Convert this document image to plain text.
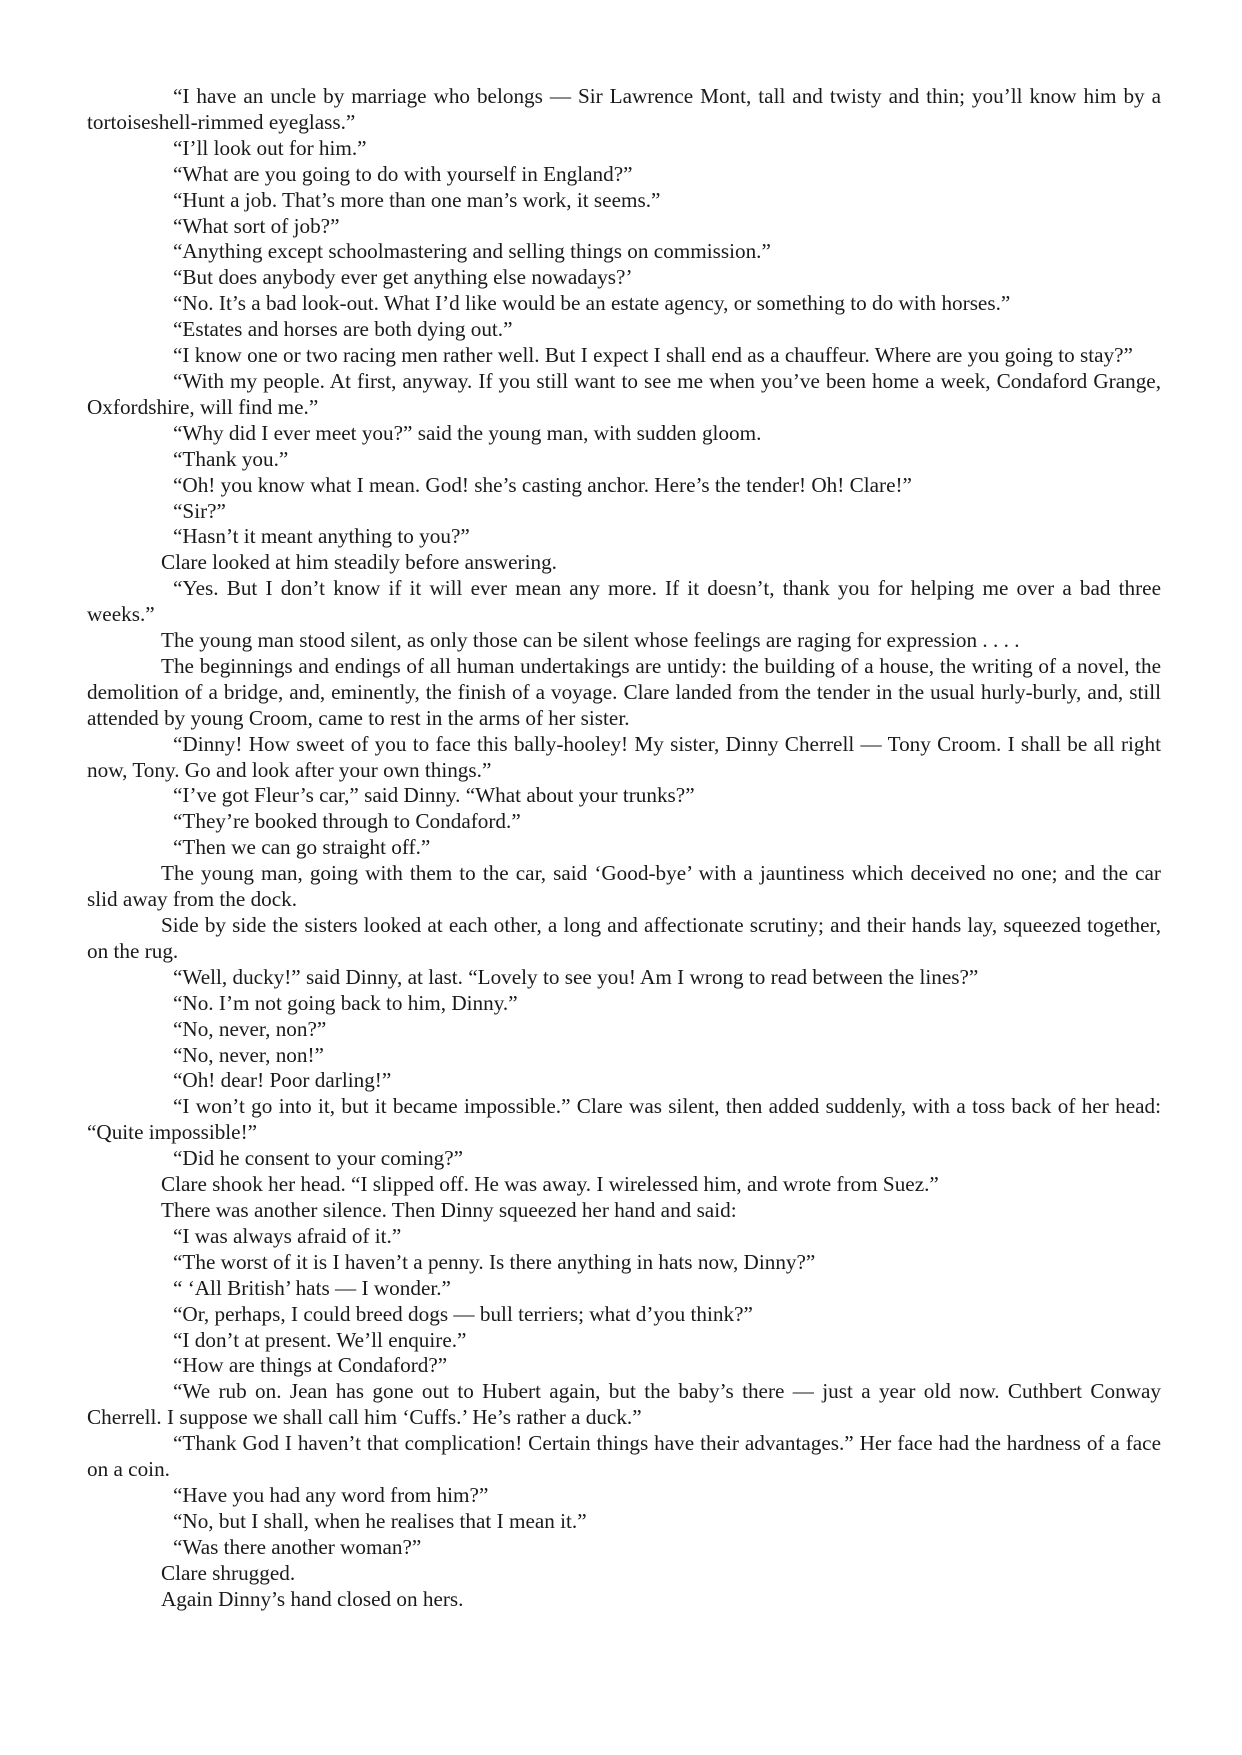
“I have an uncle by marriage who belongs — Sir Lawrence Mont, tall and twisty and thin; you’ll know him by a tortoiseshell-rimmed eyeglass.”

“I’ll look out for him.”

“What are you going to do with yourself in England?”

“Hunt a job. That’s more than one man’s work, it seems.”

“What sort of job?”

“Anything except schoolmastering and selling things on commission.”

“But does anybody ever get anything else nowadays?’

“No. It’s a bad look-out. What I’d like would be an estate agency, or something to do with horses.”

“Estates and horses are both dying out.”

“I know one or two racing men rather well. But I expect I shall end as a chauffeur. Where are you going to stay?”

“With my people. At first, anyway. If you still want to see me when you’ve been home a week, Condaford Grange, Oxfordshire, will find me.”

“Why did I ever meet you?” said the young man, with sudden gloom.

“Thank you.”

“Oh! you know what I mean. God! she’s casting anchor. Here’s the tender! Oh! Clare!”

“Sir?”

“Hasn’t it meant anything to you?”

Clare looked at him steadily before answering.

“Yes. But I don’t know if it will ever mean any more. If it doesn’t, thank you for helping me over a bad three weeks.”

The young man stood silent, as only those can be silent whose feelings are raging for expression . . . .

The beginnings and endings of all human undertakings are untidy: the building of a house, the writing of a novel, the demolition of a bridge, and, eminently, the finish of a voyage. Clare landed from the tender in the usual hurly-burly, and, still attended by young Croom, came to rest in the arms of her sister.

“Dinny! How sweet of you to face this bally-hooley! My sister, Dinny Cherrell — Tony Croom. I shall be all right now, Tony. Go and look after your own things.”

“I’ve got Fleur’s car,” said Dinny. “What about your trunks?”

“They’re booked through to Condaford.”

“Then we can go straight off.”

The young man, going with them to the car, said ‘Good-bye’ with a jauntiness which deceived no one; and the car slid away from the dock.

Side by side the sisters looked at each other, a long and affectionate scrutiny; and their hands lay, squeezed together, on the rug.

“Well, ducky!” said Dinny, at last. “Lovely to see you! Am I wrong to read between the lines?”

“No. I’m not going back to him, Dinny.”

“No, never, non?”

“No, never, non!”

“Oh! dear! Poor darling!”

“I won’t go into it, but it became impossible.” Clare was silent, then added suddenly, with a toss back of her head: “Quite impossible!”

“Did he consent to your coming?”

Clare shook her head. “I slipped off. He was away. I wirelessed him, and wrote from Suez.”

There was another silence. Then Dinny squeezed her hand and said:

“I was always afraid of it.”

“The worst of it is I haven’t a penny. Is there anything in hats now, Dinny?”

“ ‘All British’ hats — I wonder.”

“Or, perhaps, I could breed dogs — bull terriers; what d’you think?”

“I don’t at present. We’ll enquire.”

“How are things at Condaford?”

“We rub on. Jean has gone out to Hubert again, but the baby’s there — just a year old now. Cuthbert Conway Cherrell. I suppose we shall call him ‘Cuffs.’ He’s rather a duck.”

“Thank God I haven’t that complication! Certain things have their advantages.” Her face had the hardness of a face on a coin.

“Have you had any word from him?”

“No, but I shall, when he realises that I mean it.”

“Was there another woman?”

Clare shrugged.

Again Dinny’s hand closed on hers.
